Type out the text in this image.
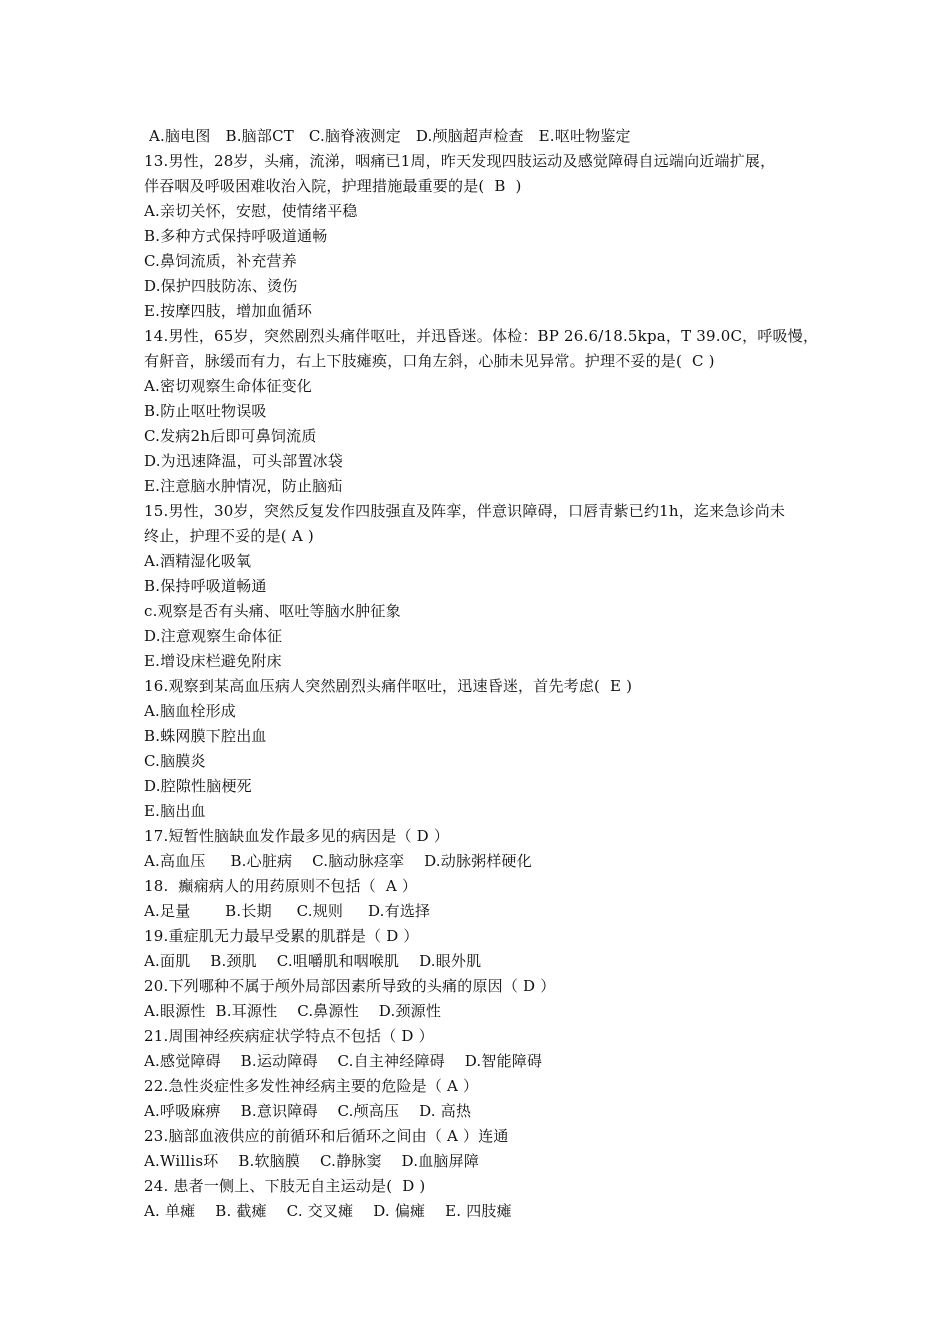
A.脑电图   B.脑部CT   C.脑脊液测定   D.颅脑超声检查   E.呕吐物鉴定
13.男性，28岁，头痛，流涕，咽痛已1周，昨天发现四肢运动及感觉障碍自远端向近端扩展，
伴吞咽及呼吸困难收治入院，护理措施最重要的是(  B  )
A.亲切关怀，安慰，使情绪平稳
B.多种方式保持呼吸道通畅
C.鼻饲流质，补充营养
D.保护四肢防冻、烫伤
E.按摩四肢，增加血循环
14.男性，65岁，突然剧烈头痛伴呕吐，并迅昏迷。体检：BP 26.6/18.5kpa，T 39.0C，呼吸慢，
有鼾音，脉缓而有力，右上下肢瘫痪，口角左斜，心肺未见异常。护理不妥的是(  C )
A.密切观察生命体征变化
B.防止呕吐物误吸
C.发病2h后即可鼻饲流质
D.为迅速降温，可头部置冰袋
E.注意脑水肿情况，防止脑疝
15.男性，30岁，突然反复发作四肢强直及阵挛，伴意识障碍，口唇青紫已约1h，迄来急诊尚未
终止，护理不妥的是( A )
A.酒精湿化吸氧
B.保持呼吸道畅通
c.观察是否有头痛、呕吐等脑水肿征象
D.注意观察生命体征
E.增设床栏避免附床
16.观察到某高血压病人突然剧烈头痛伴呕吐，迅速昏迷，首先考虑(  E )
A.脑血栓形成
B.蛛网膜下腔出血
C.脑膜炎
D.腔隙性脑梗死
E.脑出血
17.短暂性脑缺血发作最多见的病因是（ D ）
A.高血压     B.心脏病    C.脑动脉痉挛    D.动脉粥样硬化
18.  癫痫病人的用药原则不包括（  A ）
A.足量       B.长期     C.规则     D.有选择
19.重症肌无力最早受累的肌群是（ D ）
A.面肌    B.颈肌    C.咀嚼肌和咽喉肌    D.眼外肌
20.下列哪种不属于颅外局部因素所导致的头痛的原因（ D ）
A.眼源性  B.耳源性    C.鼻源性    D.颈源性
21.周围神经疾病症状学特点不包括（ D ）
A.感觉障碍    B.运动障碍    C.自主神经障碍    D.智能障碍
22.急性炎症性多发性神经病主要的危险是（ A ）
A.呼吸麻痹    B.意识障碍    C.颅高压    D. 高热
23.脑部血液供应的前循环和后循环之间由（ A ）连通
A.Willis环    B.软脑膜    C.静脉窦    D.血脑屏障
24. 患者一侧上、下肢无自主运动是(  D )
A. 单瘫    B. 截瘫    C. 交叉瘫    D. 偏瘫    E. 四肢瘫
